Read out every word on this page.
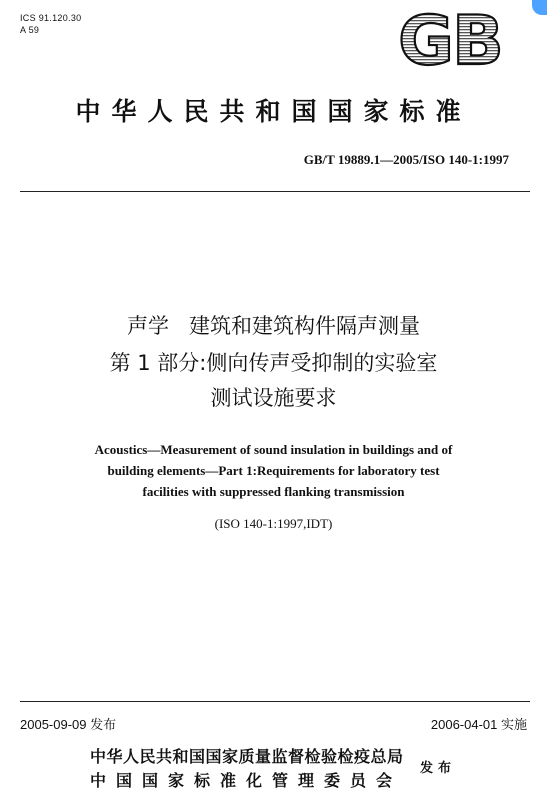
ICS 91.120.30
A 59	GB
中华人民共和国国家标准
GB/T 19889.1—2005/ISO 140-1:1997
声学   建筑和建筑构件隔声测量
第 1 部分:侧向传声受抑制的实验室
测试设施要求
Acoustics—Measurement of sound insulation in buildings and of
building elements—Part 1:Requirements for laboratory test
facilities with suppressed flanking transmission
(ISO 140-1:1997,IDT)
2005-09-09 发布	2006-04-01 实施
中华人民共和国国家质量监督检验检疫总局
中国国家标准化管理委员会
发布
